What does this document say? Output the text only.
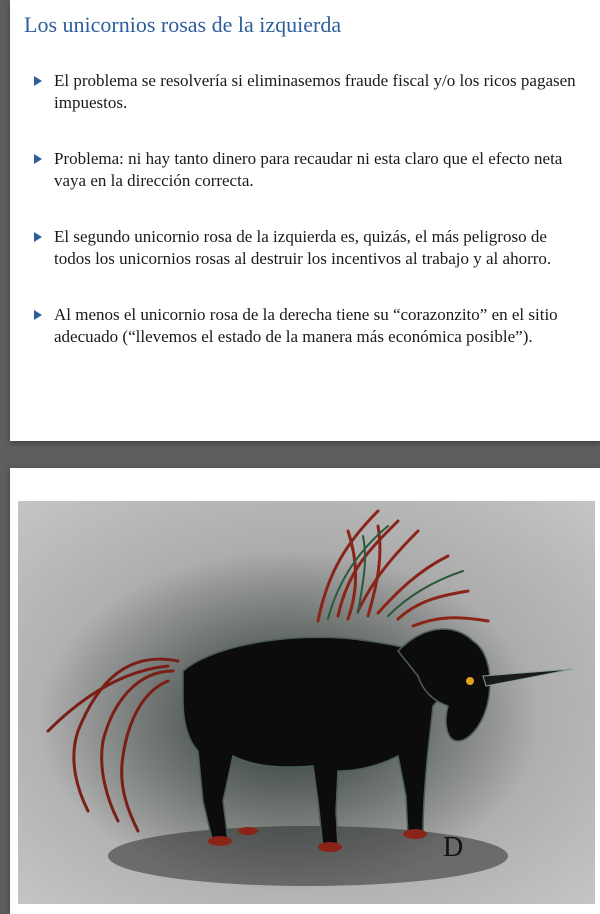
Los unicornios rosas de la izquierda
El problema se resolvería si eliminasemos fraude fiscal y/o los ricos pagasen impuestos.
Problema: ni hay tanto dinero para recaudar ni esta claro que el efecto neta vaya en la dirección correcta.
El segundo unicornio rosa de la izquierda es, quizás, el más peligroso de todos los unicornios rosas al destruir los incentivos al trabajo y al ahorro.
Al menos el unicornio rosa de la derecha tiene su “corazonzito” en el sitio adecuado (“llevemos el estado de la manera más económica posible”).
D
